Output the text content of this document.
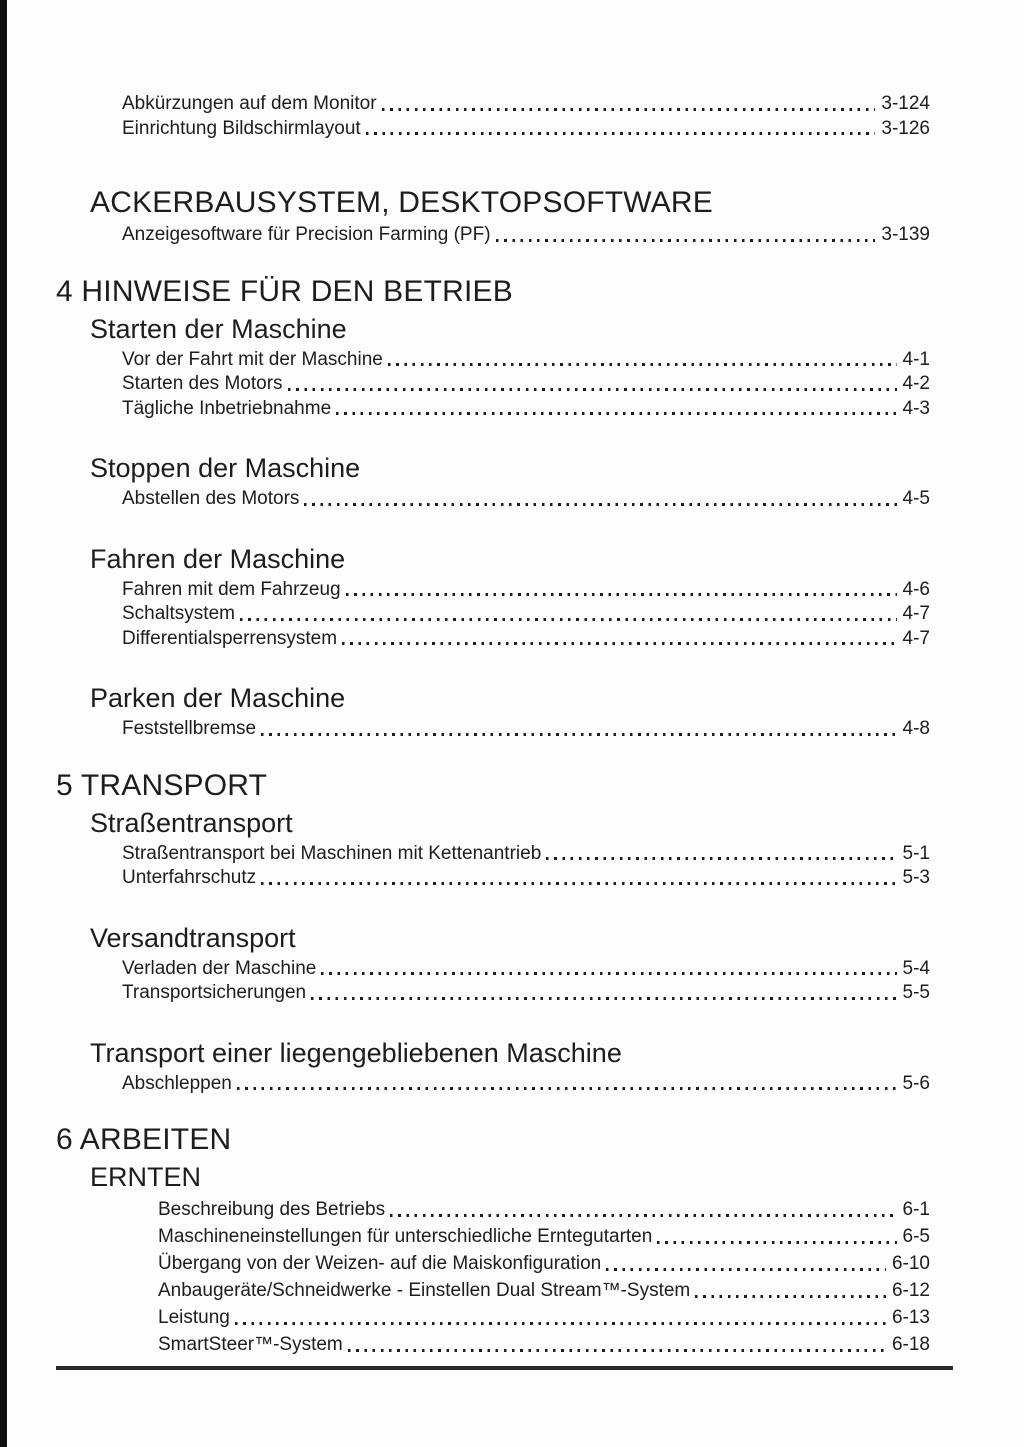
Abkürzungen auf dem Monitor	3-124
Einrichtung Bildschirmlayout	3-126
ACKERBAUSYSTEM, DESKTOPSOFTWARE
Anzeigesoftware für Precision Farming (PF)	3-139
4 HINWEISE FÜR DEN BETRIEB
Starten der Maschine
Vor der Fahrt mit der Maschine	4-1
Starten des Motors	4-2
Tägliche Inbetriebnahme	4-3
Stoppen der Maschine
Abstellen des Motors	4-5
Fahren der Maschine
Fahren mit dem Fahrzeug	4-6
Schaltsystem	4-7
Differentialsperrensystem	4-7
Parken der Maschine
Feststellbremse	4-8
5 TRANSPORT
Straßentransport
Straßentransport bei Maschinen mit Kettenantrieb	5-1
Unterfahrschutz	5-3
Versandtransport
Verladen der Maschine	5-4
Transportsicherungen	5-5
Transport einer liegengebliebenen Maschine
Abschleppen	5-6
6 ARBEITEN
ERNTEN
Beschreibung des Betriebs	6-1
Maschineneinstellungen für unterschiedliche Erntegutarten	6-5
Übergang von der Weizen- auf die Maiskonfiguration	6-10
Anbaugeräte/Schneidwerke - Einstellen Dual Stream™-System	6-12
Leistung	6-13
SmartSteer™-System	6-18
